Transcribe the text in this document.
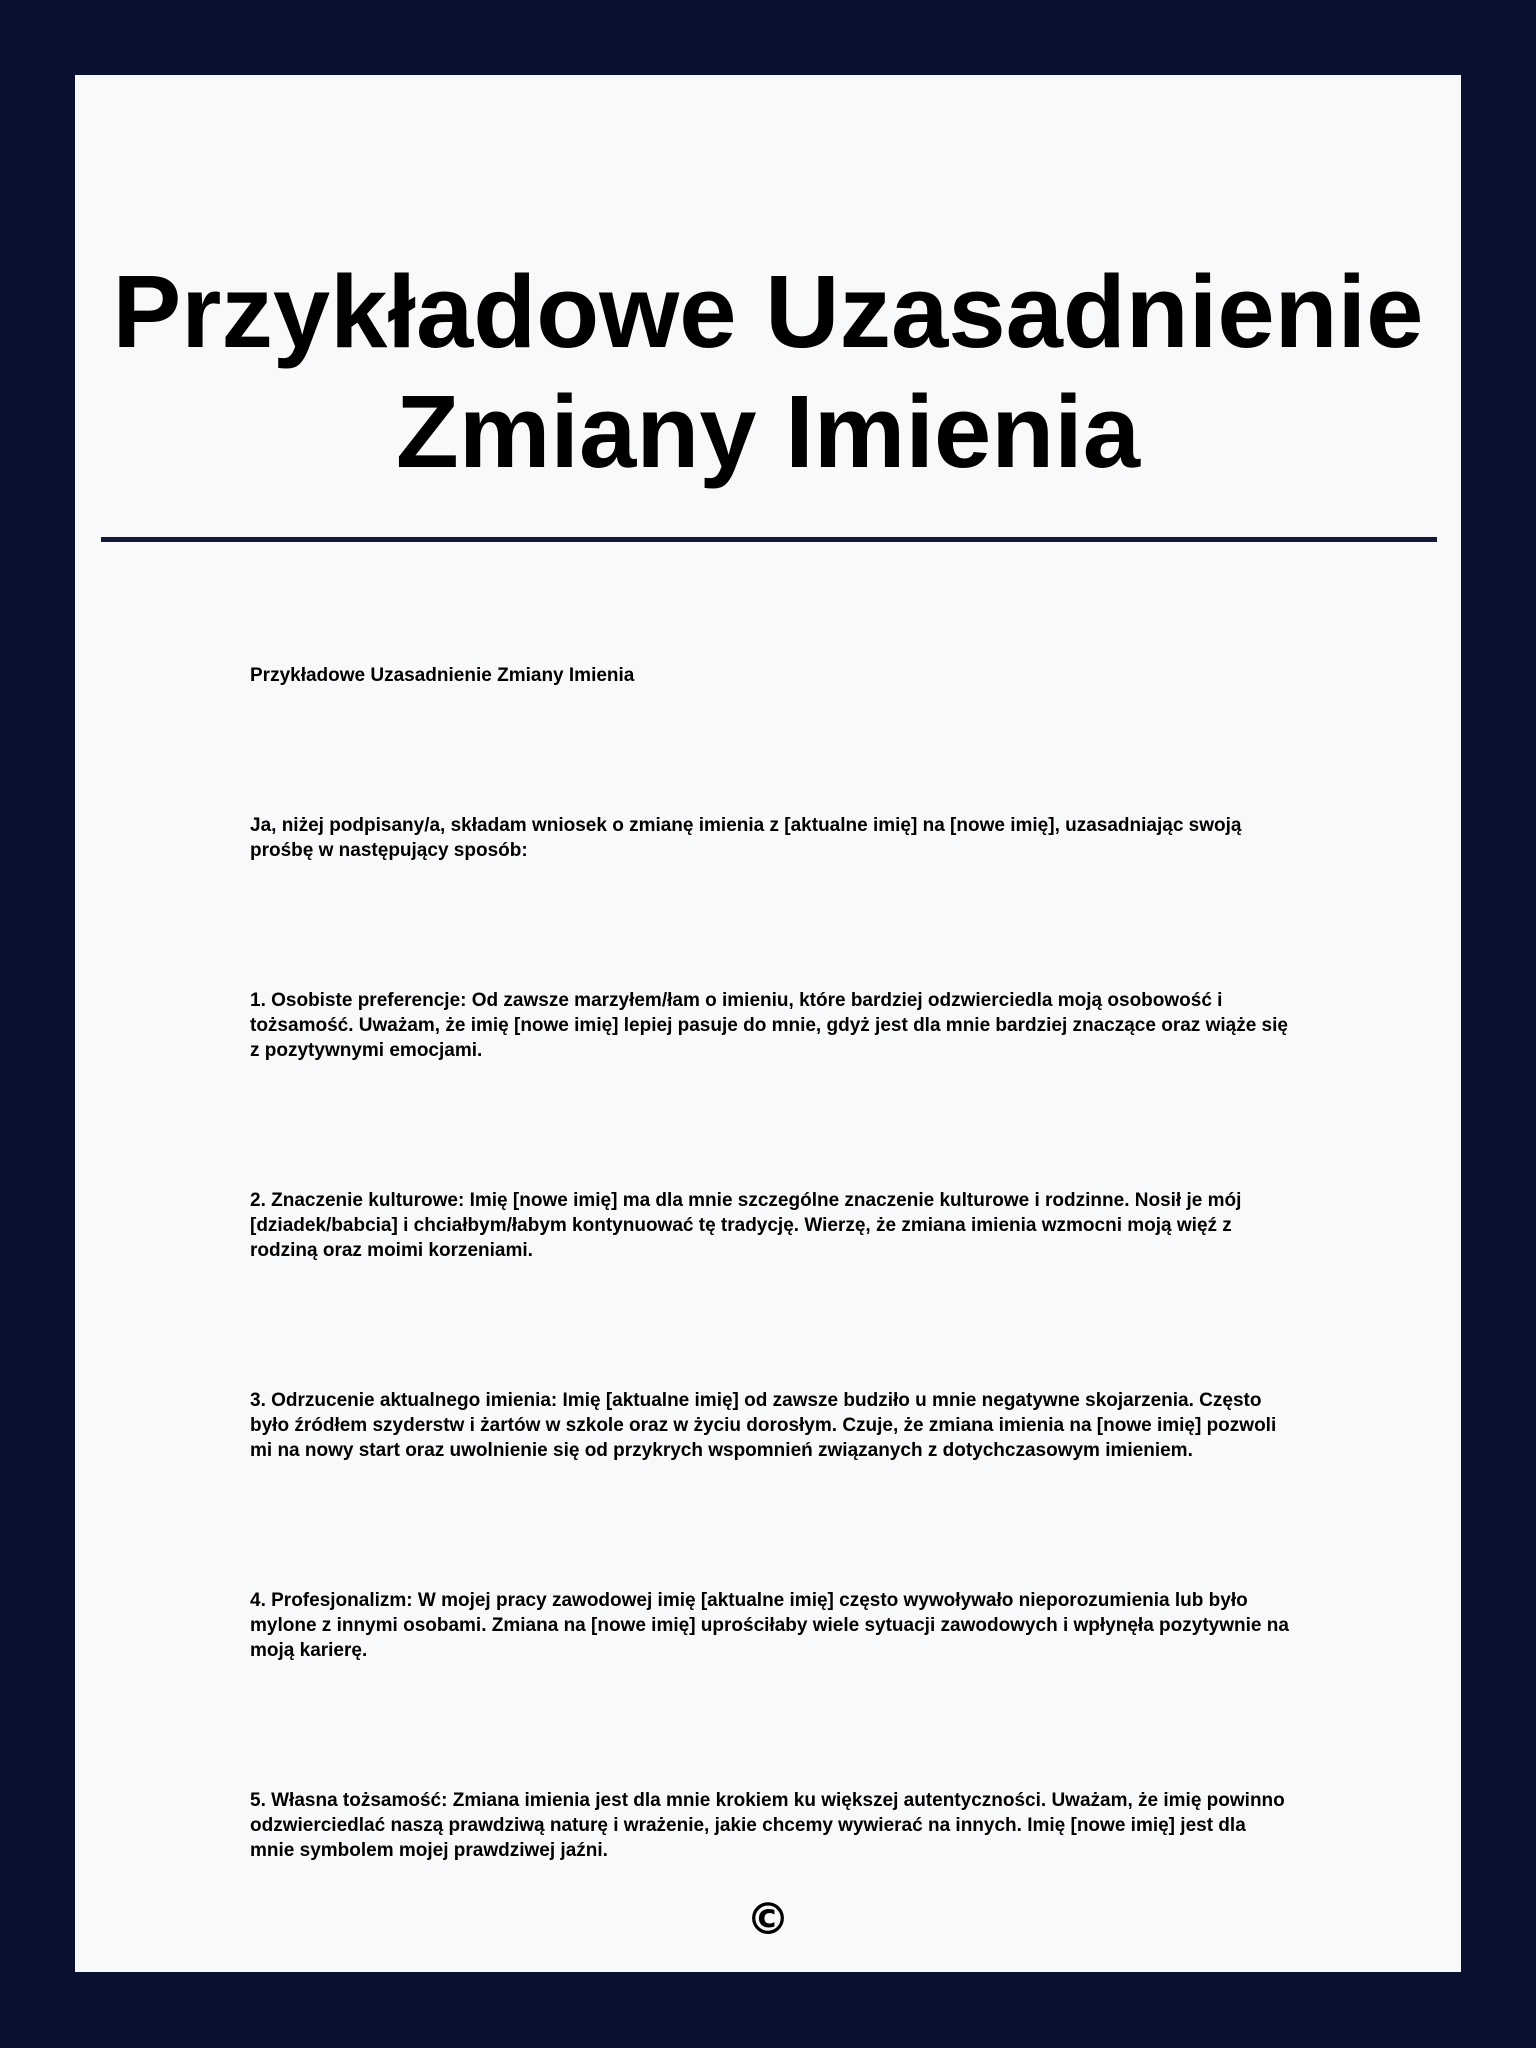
Przykładowe Uzasadnienie Zmiany Imienia

Przykładowe Uzasadnienie Zmiany Imienia

Ja, niżej podpisany/a, składam wniosek o zmianę imienia z [aktualne imię] na [nowe imię], uzasadniając swoją prośbę w następujący sposób:

1. Osobiste preferencje: Od zawsze marzyłem/łam o imieniu, które bardziej odzwierciedla moją osobowość i tożsamość. Uważam, że imię [nowe imię] lepiej pasuje do mnie, gdyż jest dla mnie bardziej znaczące oraz wiąże się z pozytywnymi emocjami.

2. Znaczenie kulturowe: Imię [nowe imię] ma dla mnie szczególne znaczenie kulturowe i rodzinne. Nosił je mój [dziadek/babcia] i chciałbym/łabym kontynuować tę tradycję. Wierzę, że zmiana imienia wzmocni moją więź z rodziną oraz moimi korzeniami.

3. Odrzucenie aktualnego imienia: Imię [aktualne imię] od zawsze budziło u mnie negatywne skojarzenia. Często było źródłem szyderstw i żartów w szkole oraz w życiu dorosłym. Czuje, że zmiana imienia na [nowe imię] pozwoli mi na nowy start oraz uwolnienie się od przykrych wspomnień związanych z dotychczasowym imieniem.

4. Profesjonalizm: W mojej pracy zawodowej imię [aktualne imię] często wywoływało nieporozumienia lub było mylone z innymi osobami. Zmiana na [nowe imię] uprościłaby wiele sytuacji zawodowych i wpłynęła pozytywnie na moją karierę.

5. Własna tożsamość: Zmiana imienia jest dla mnie krokiem ku większej autentyczności. Uważam, że imię powinno odzwierciedlać naszą prawdziwą naturę i wrażenie, jakie chcemy wywierać na innych. Imię [nowe imię] jest dla mnie symbolem mojej prawdziwej jaźni.

©
